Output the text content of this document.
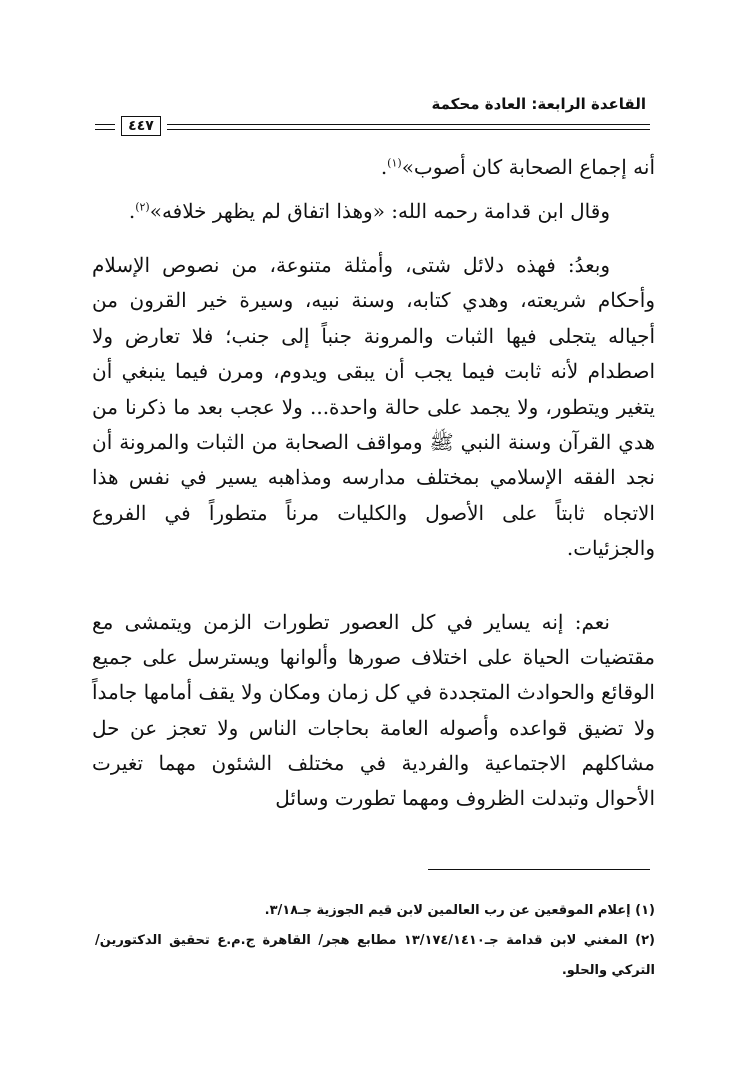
القاعدة الرابعة: العادة محكمة
٤٤٧
أنه إجماع الصحابة كان أصوب»$^{(١)}$.
وقال ابن قدامة رحمه الله: «وهذا اتفاق لم يظهر خلافه»$^{(٢)}$.
وبعدُ: فهذه دلائل شتى، وأمثلة متنوعة، من نصوص الإسلام وأحكام شريعته، وهدي كتابه، وسنة نبيه، وسيرة خير القرون من أجياله يتجلى فيها الثبات والمرونة جنباً إلى جنب؛ فلا تعارض ولا اصطدام لأنه ثابت فيما يجب أن يبقى ويدوم، ومرن فيما ينبغي أن يتغير ويتطور، ولا يجمد على حالة واحدة... ولا عجب بعد ما ذكرنا من هدي القرآن وسنة النبي ﷺ ومواقف الصحابة من الثبات والمرونة أن نجد الفقه الإسلامي بمختلف مدارسه ومذاهبه يسير في نفس هذا الاتجاه ثابتاً على الأصول والكليات مرناً متطوراً في الفروع والجزئيات.
نعم: إنه يساير في كل العصور تطورات الزمن ويتمشى مع مقتضيات الحياة على اختلاف صورها وألوانها ويسترسل على جميع الوقائع والحوادث المتجددة في كل زمان ومكان ولا يقف أمامها جامداً ولا تضيق قواعده وأصوله العامة بحاجات الناس ولا تعجز عن حل مشاكلهم الاجتماعية والفردية في مختلف الشئون مهما تغيرت الأحوال وتبدلت الظروف ومهما تطورت وسائل
(١) إعلام الموقعين عن رب العالمين لابن قيم الجوزية جـ٣/١٨.
(٢) المغني لابن قدامة جـ١٣/١٧٤/١٤١٠ مطابع هجر/ القاهرة ج.م.ع تحقيق الدكتورين/ التركي والحلو.
